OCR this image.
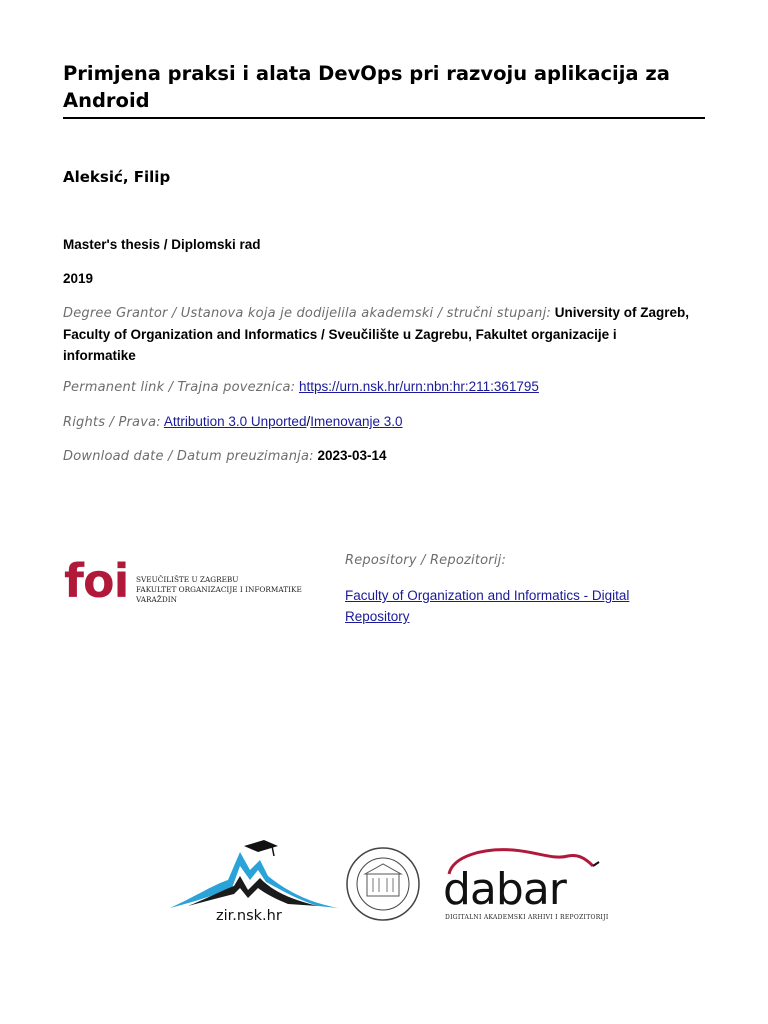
Primjena praksi i alata DevOps pri razvoju aplikacija za Android
Aleksić, Filip
Master's thesis / Diplomski rad
2019
Degree Grantor / Ustanova koja je dodijelila akademski / stručni stupanj: University of Zagreb, Faculty of Organization and Informatics / Sveučilište u Zagrebu, Fakultet organizacije i informatike
Permanent link / Trajna poveznica: https://urn.nsk.hr/urn:nbn:hr:211:361795
Rights / Prava: Attribution 3.0 Unported/Imenovanje 3.0
Download date / Datum preuzimanja: 2023-03-14
foi SVEUČILIŠTE U ZAGREBU
FAKULTET ORGANIZACIJE I INFORMATIKE
VARAŽDIN
Repository / Repozitorij:
Faculty of Organization and Informatics - Digital Repository
zir.nsk.hr
dabar
DIGITALNI AKADEMSKI ARHIVI I REPOZITORIJI
